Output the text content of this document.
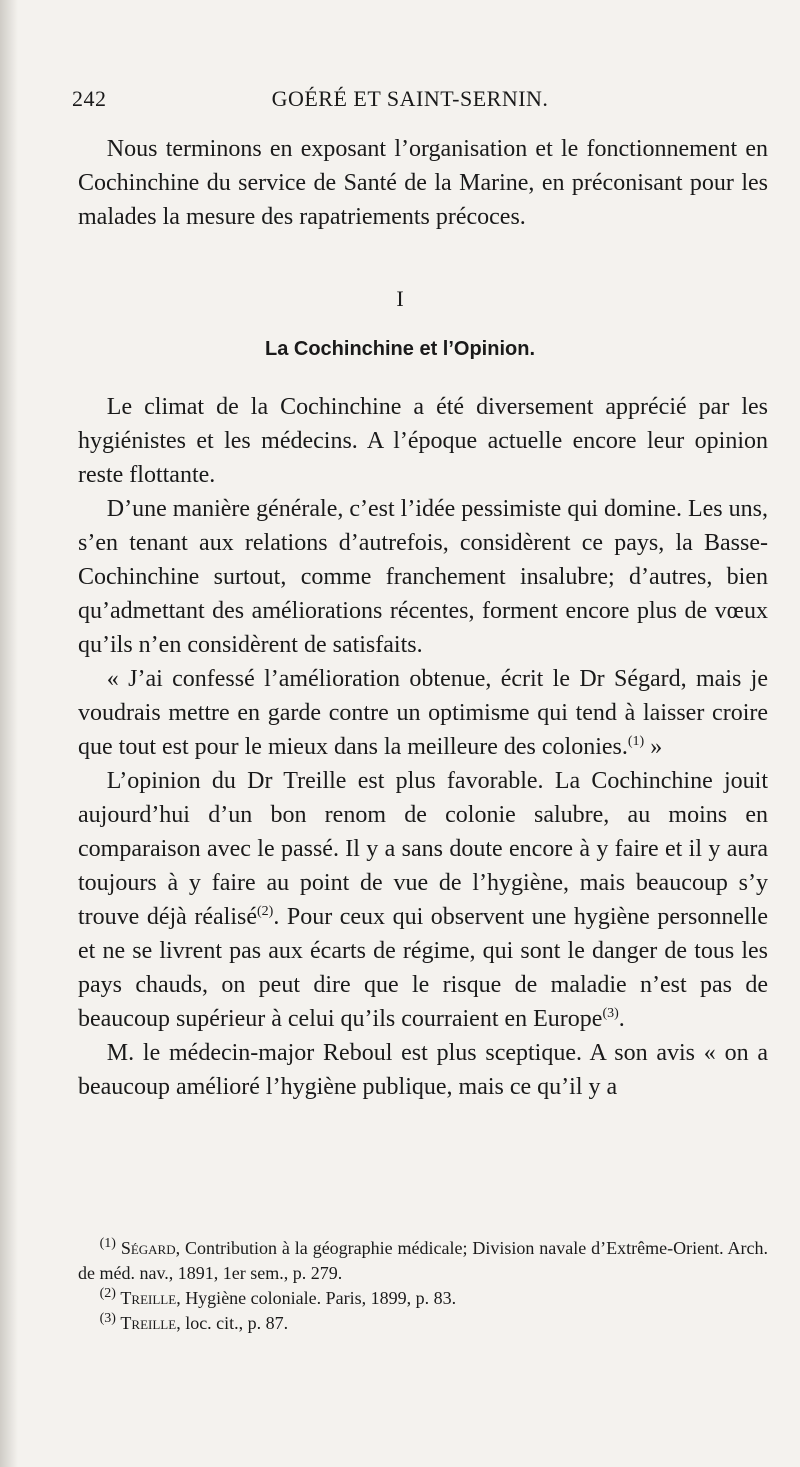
242	GOÉRÉ ET SAINT-SERNIN.

Nous terminons en exposant l’organisation et le fonctionnement en Cochinchine du service de Santé de la Marine, en préconisant pour les malades la mesure des rapatriements précoces.

I
La Cochinchine et l’Opinion.

Le climat de la Cochinchine a été diversement apprécié par les hygiénistes et les médecins. A l’époque actuelle encore leur opinion reste flottante.

D’une manière générale, c’est l’idée pessimiste qui domine. Les uns, s’en tenant aux relations d’autrefois, considèrent ce pays, la Basse-Cochinchine surtout, comme franchement insalubre; d’autres, bien qu’admettant des améliorations récentes, forment encore plus de vœux qu’ils n’en considèrent de satisfaits.

« J’ai confessé l’amélioration obtenue, écrit le Dr Ségard, mais je voudrais mettre en garde contre un optimisme qui tend à laisser croire que tout est pour le mieux dans la meilleure des colonies.$^{(1)}$ »

L’opinion du Dr Treille est plus favorable. La Cochinchine jouit aujourd’hui d’un bon renom de colonie salubre, au moins en comparaison avec le passé. Il y a sans doute encore à y faire et il y aura toujours à y faire au point de vue de l’hygiène, mais beaucoup s’y trouve déjà réalisé$^{(2)}$. Pour ceux qui observent une hygiène personnelle et ne se livrent pas aux écarts de régime, qui sont le danger de tous les pays chauds, on peut dire que le risque de maladie n’est pas de beaucoup supérieur à celui qu’ils courraient en Europe$^{(3)}$.

M. le médecin-major Reboul est plus sceptique. A son avis « on a beaucoup amélioré l’hygiène publique, mais ce qu’il y a

$^{(1)}$ Ségard, Contribution à la géographie médicale; Division navale d’Extrême-Orient. Arch. de méd. nav., 1891, 1er sem., p. 279.

$^{(2)}$ Treille, Hygiène coloniale. Paris, 1899, p. 83.

$^{(3)}$ Treille, loc. cit., p. 87.
